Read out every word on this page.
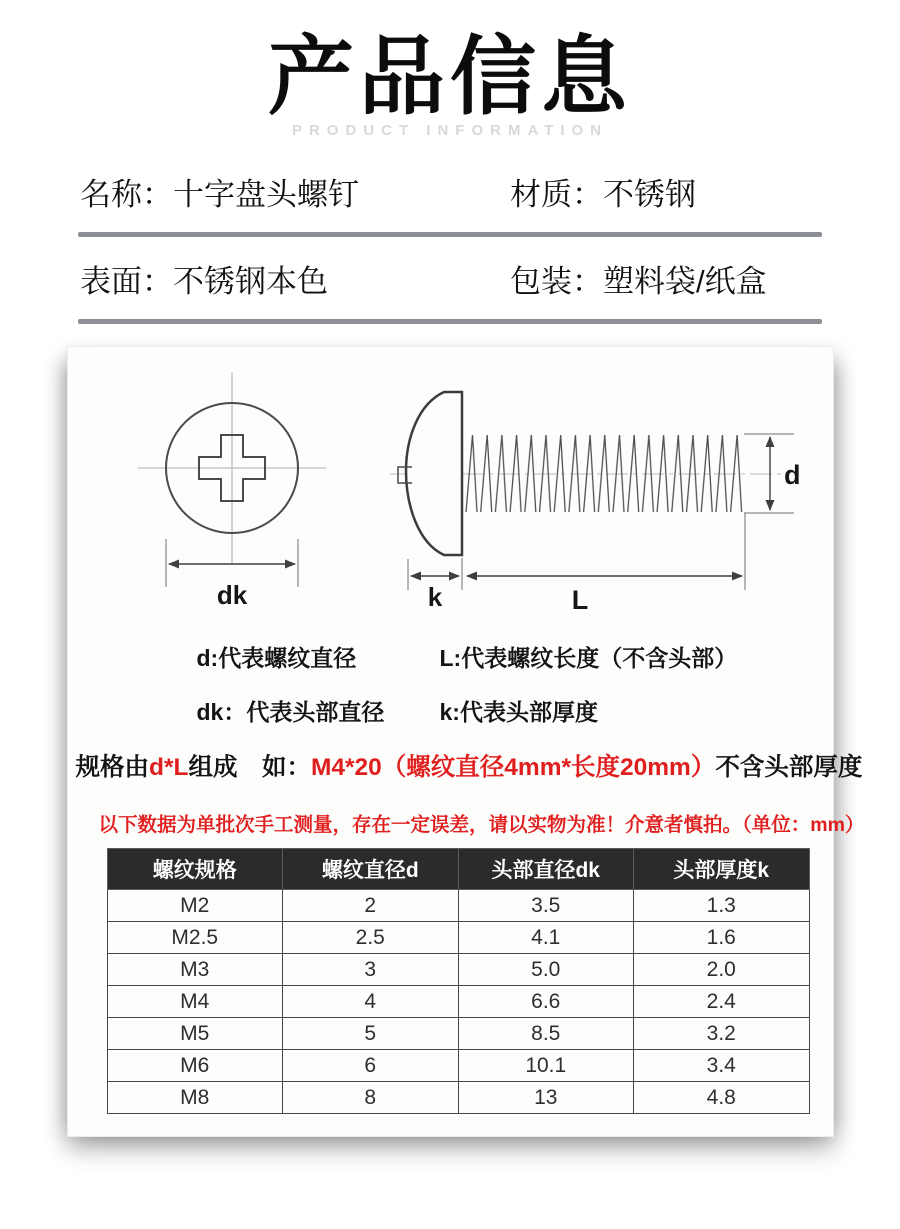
产品信息
PRODUCT INFORMATION
名称：十字盘头螺钉	材质：不锈钢
表面：不锈钢本色	包装：塑料袋/纸盒
dk
d
k	L
d:代表螺纹直径	L:代表螺纹长度（不含头部）
dk：代表头部直径 k:代表头部厚度
规格由d*L组成　如：M4*20（螺纹直径4mm*长度20mm）不含头部厚度
以下数据为单批次手工测量，存在一定误差，请以实物为准！介意者慎拍。（单位：mm）
螺纹规格	螺纹直径d	头部直径dk	头部厚度k
M2	2	3.5	1.3
M2.5	2.5	4.1	1.6
M3	3	5.0	2.0
M4	4	6.6	2.4
M5	5	8.5	3.2
M6	6	10.1	3.4
M8	8	13	4.8
